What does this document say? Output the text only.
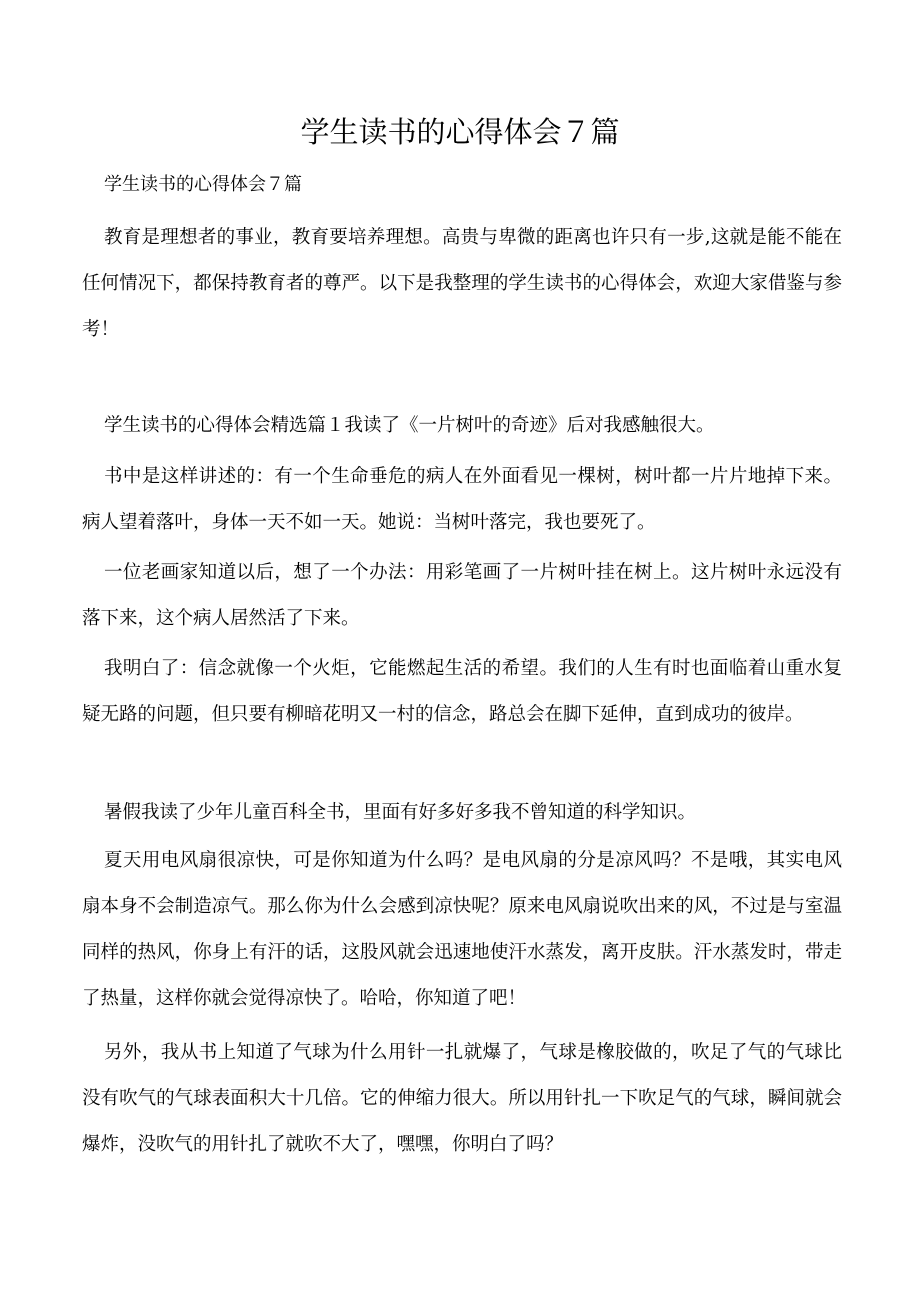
学生读书的心得体会７篇

学生读书的心得体会７篇

教育是理想者的事业，教育要培养理想。高贵与卑微的距离也许只有一步,这就是能不能在任何情况下，都保持教育者的尊严。以下是我整理的学生读书的心得体会，欢迎大家借鉴与参考！

学生读书的心得体会精选篇１我读了《一片树叶的奇迹》后对我感触很大。

书中是这样讲述的：有一个生命垂危的病人在外面看见一棵树，树叶都一片片地掉下来。病人望着落叶，身体一天不如一天。她说：当树叶落完，我也要死了。

一位老画家知道以后，想了一个办法：用彩笔画了一片树叶挂在树上。这片树叶永远没有落下来，这个病人居然活了下来。

我明白了：信念就像一个火炬，它能燃起生活的希望。我们的人生有时也面临着山重水复疑无路的问题，但只要有柳暗花明又一村的信念，路总会在脚下延伸，直到成功的彼岸。

暑假我读了少年儿童百科全书，里面有好多好多我不曾知道的科学知识。

夏天用电风扇很凉快，可是你知道为什么吗？是电风扇的分是凉风吗？不是哦，其实电风扇本身不会制造凉气。那么你为什么会感到凉快呢？原来电风扇说吹出来的风，不过是与室温同样的热风，你身上有汗的话，这股风就会迅速地使汗水蒸发，离开皮肤。汗水蒸发时，带走了热量，这样你就会觉得凉快了。哈哈，你知道了吧！

另外，我从书上知道了气球为什么用针一扎就爆了，气球是橡胶做的，吹足了气的气球比没有吹气的气球表面积大十几倍。它的伸缩力很大。所以用针扎一下吹足气的气球，瞬间就会爆炸，没吹气的用针扎了就吹不大了，嘿嘿，你明白了吗？
